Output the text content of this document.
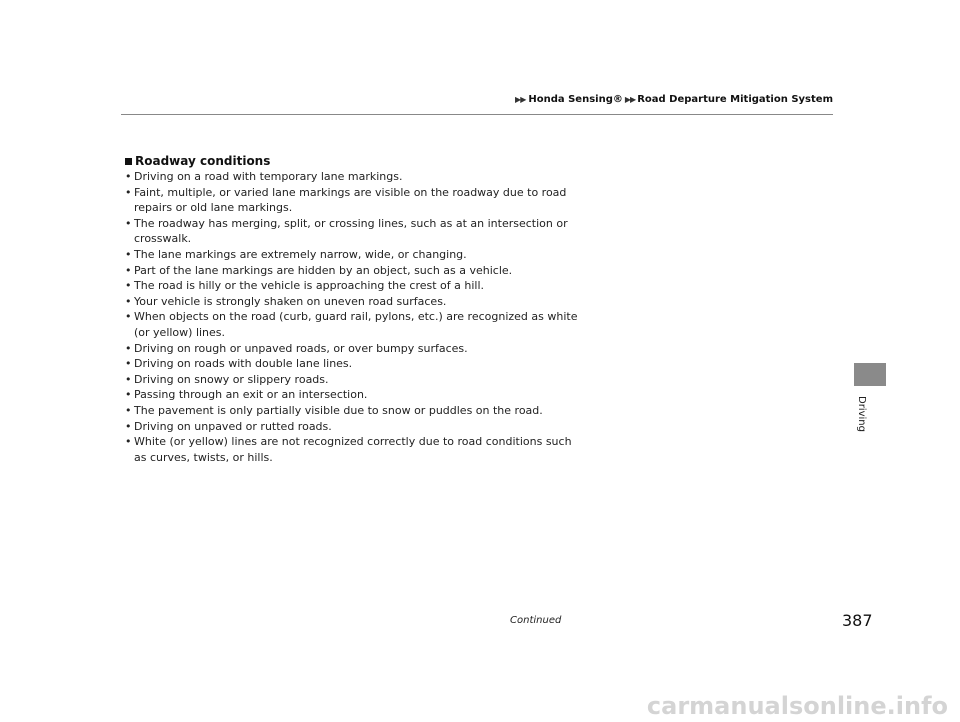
▶▶ Honda Sensing® ▶▶ Road Departure Mitigation System
Roadway conditions
• Driving on a road with temporary lane markings.
• Faint, multiple, or varied lane markings are visible on the roadway due to road repairs or old lane markings.
• The roadway has merging, split, or crossing lines, such as at an intersection or crosswalk.
• The lane markings are extremely narrow, wide, or changing.
• Part of the lane markings are hidden by an object, such as a vehicle.
• The road is hilly or the vehicle is approaching the crest of a hill.
• Your vehicle is strongly shaken on uneven road surfaces.
• When objects on the road (curb, guard rail, pylons, etc.) are recognized as white (or yellow) lines.
• Driving on rough or unpaved roads, or over bumpy surfaces.
• Driving on roads with double lane lines.
• Driving on snowy or slippery roads.
• Passing through an exit or an intersection.
• The pavement is only partially visible due to snow or puddles on the road.
• Driving on unpaved or rutted roads.
• White (or yellow) lines are not recognized correctly due to road conditions such as curves, twists, or hills.
Driving
Continued	387
carmanualsonline.info
